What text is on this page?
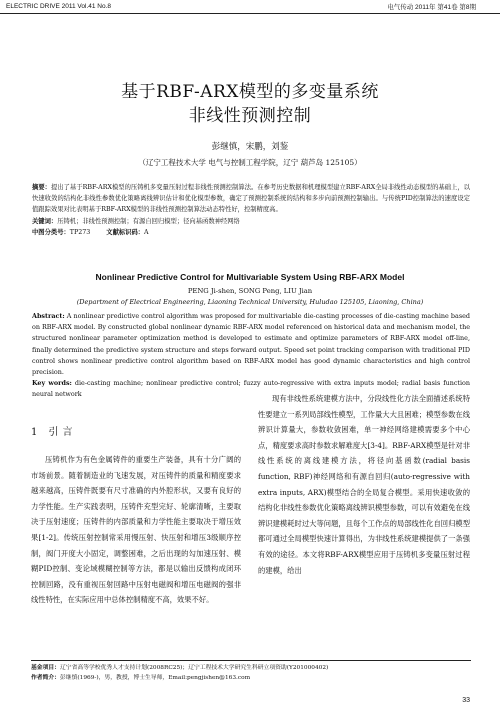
ELECTRIC DRIVE 2011 Vol.41 No.8	电气传动 2011年 第41卷 第8期
基于RBF-ARX模型的多变量系统
非线性预测控制
彭继慎，宋鹏，刘鉴
（辽宁工程技术大学 电气与控制工程学院，辽宁 葫芦岛 125105）

摘要：提出了基于RBF-ARX模型的压铸机多变量压射过程非线性预测控制算法。在参考历史数据和机理模型建立RBF-ARX全局非线性动态模型的基础上，以快速收敛的结构化非线性参数优化策略离线辨识估计和优化模型参数，确定了预测控制系统的结构和多步向前预测控制输出。与传统PID控制算法的速度设定值跟踪效果对比表明基于RBF-ARX模型的非线性预测控制算法动态特性好，控制精度高。

关键词：压铸机；非线性预测控制；有源自回归模型；径向基函数神经网络

中图分类号：TP273	文献标识码：A

Nonlinear Predictive Control for Multivariable System Using RBF-ARX Model
PENG Ji-shen, SONG Peng, LIU Jian
(Department of Electrical Engineering, Liaoning Technical University, Huludao 125105, Liaoning, China)

Abstract: A nonlinear predictive control algorithm was proposed for multivariable die-casting processes of die-casting machine based on RBF-ARX model. By constructed global nonlinear dynamic RBF-ARX model referenced on historical data and mechanism model, the structured nonlinear parameter optimization method is developed to estimate and optimize parameters of RBF-ARX model off-line, finally determined the predictive system structure and steps forward output. Speed set point tracking comparison with traditional PID control shows nonlinear predictive control algorithm based on RBF-ARX model has good dynamic characteristics and high control precision.

Key words: die-casting machine; nonlinear predictive control; fuzzy auto-regressive with extra inputs model; radial basis function neural network

1 引言

压铸机作为有色金属铸件的重要生产装备，具有十分广阔的市场前景。随着制造业的飞速发展，对压铸件的质量和精度要求越来越高，压铸件既要有尺寸准确的内外腔形状，又要有良好的力学性能。生产实践表明，压铸件充型完好、轮廓清晰，主要取决于压射速度；压铸件的内部质量和力学性能主要取决于增压效果[1-2]。传统压射控制常采用慢压射、快压射和增压3级顺序控制，阀门开度大小固定，调整困难，之后出现的勾加速压射、模糊PID控制、变论域模糊控制等方法，都是以输出反馈构成闭环控制回路，没有重视压射回路中压射电磁阀和增压电磁阀的强非线性特性，在实际应用中总体控制精度不高，效果不好。

现有非线性系统建模方法中，分段线性化方法全面描述系统特性要建立一系列局部线性模型，工作量大大且困难；模型参数在线辨识计算量大，参数收敛困难，单一神经网络建模需要多个中心点，精度要求高时参数求解难度大[3-4]。RBF-ARX模型是针对非线性系统的离线建模方法，将径向基函数(radial basis function, RBF)神经网络和有源自回归(auto-regressive with extra inputs, ARX)模型结合的全局复合模型。采用快速收敛的结构化非线性参数优化策略离线辨识模型参数，可以有效避免在线辨识建模耗时过大等问题，且每个工作点的局部线性化自回归模型都可通过全局模型快速计算得出，为非线性系统建模提供了一条强有效的途径。本文将RBF-ARX模型应用于压铸机多变量压射过程的建模，给出

基金项目：辽宁省高等学校优秀人才支持计划(2008RC25)；辽宁工程技术大学研究生科研立项资助(Y201000402)
作者简介：彭继慎(1969-)，男，教授，博士生导师，Email:pengjishen@163.com
33
